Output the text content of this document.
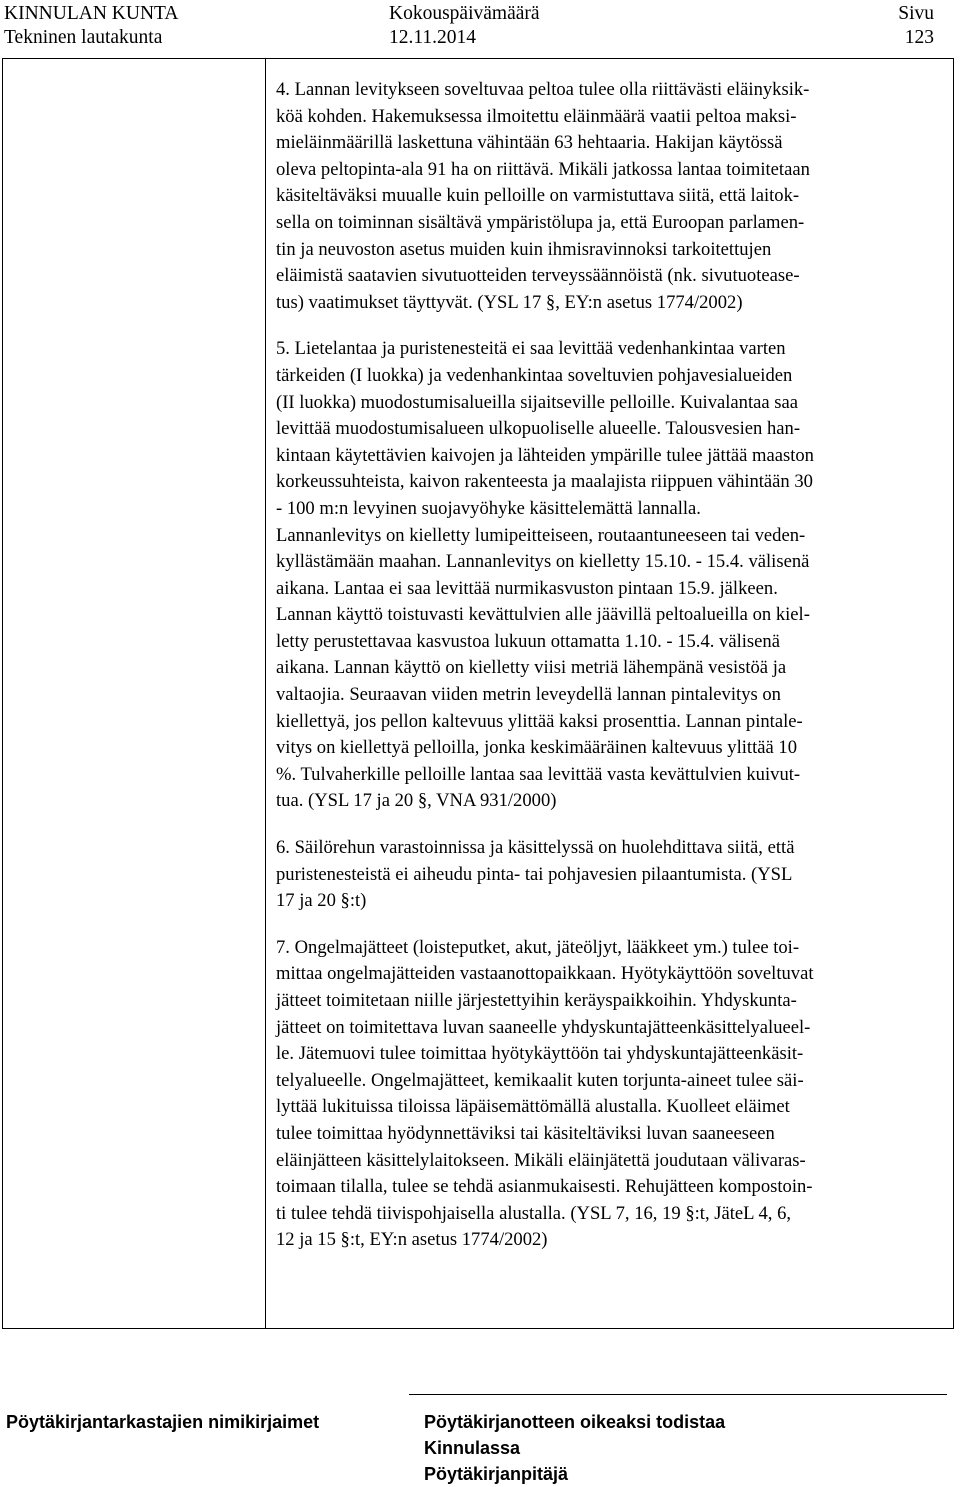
KINNULAN KUNTA
Tekninen lautakunta
Kokouspäivämäärä
12.11.2014
Sivu
123

4. Lannan levitykseen soveltuvaa peltoa tulee olla riittävästi eläinyksik-
köä kohden. Hakemuksessa ilmoitettu eläinmäärä vaatii peltoa maksi-
mieläinmäärillä laskettuna vähintään 63 hehtaaria. Hakijan käytössä
oleva peltopinta-ala 91 ha on riittävä. Mikäli jatkossa lantaa toimitetaan
käsiteltäväksi muualle kuin pelloille on varmistuttava siitä, että laitok-
sella on toiminnan sisältävä ympäristölupa ja, että Euroopan parlamen-
tin ja neuvoston asetus muiden kuin ihmisravinnoksi tarkoitettujen
eläimistä saatavien sivutuotteiden terveyssäännöistä (nk. sivutuotease-
tus) vaatimukset täyttyvät. (YSL 17 §, EY:n asetus 1774/2002)

5. Lietelantaa ja puristenesteitä ei saa levittää vedenhankintaa varten
tärkeiden (I luokka) ja vedenhankintaa soveltuvien pohjavesialueiden
(II luokka) muodostumisalueilla sijaitseville pelloille. Kuivalantaa saa
levittää muodostumisalueen ulkopuoliselle alueelle. Talousvesien han-
kintaan käytettävien kaivojen ja lähteiden ympärille tulee jättää maaston
korkeussuhteista, kaivon rakenteesta ja maalajista riippuen vähintään 30
- 100 m:n levyinen suojavyöhyke käsittelemättä lannalla.
Lannanlevitys on kielletty lumipeitteiseen, routaantuneeseen tai veden-
kyllästämään maahan. Lannanlevitys on kielletty 15.10. - 15.4. välisenä
aikana. Lantaa ei saa levittää nurmikasvuston pintaan 15.9. jälkeen.
Lannan käyttö toistuvasti kevättulvien alle jäävillä peltoalueilla on kiel-
letty perustettavaa kasvustoa lukuun ottamatta 1.10. - 15.4. välisenä
aikana. Lannan käyttö on kielletty viisi metriä lähempänä vesistöä ja
valtaojia. Seuraavan viiden metrin leveydellä lannan pintalevitys on
kiellettyä, jos pellon kaltevuus ylittää kaksi prosenttia. Lannan pintale-
vitys on kiellettyä pelloilla, jonka keskimääräinen kaltevuus ylittää 10
%. Tulvaherkille pelloille lantaa saa levittää vasta kevättulvien kuivut-
tua. (YSL 17 ja 20 §, VNA 931/2000)

6. Säilörehun varastoinnissa ja käsittelyssä on huolehdittava siitä, että
puristenesteistä ei aiheudu pinta- tai pohjavesien pilaantumista. (YSL
17 ja 20 §:t)

7. Ongelmajätteet (loisteputket, akut, jäteöljyt, lääkkeet ym.) tulee toi-
mittaa ongelmajätteiden vastaanottopaikkaan. Hyötykäyttöön soveltuvat
jätteet toimitetaan niille järjestettyihin keräyspaikkoihin. Yhdyskunta-
jätteet on toimitettava luvan saaneelle yhdyskuntajätteenkäsittelyalueel-
le. Jätemuovi tulee toimittaa hyötykäyttöön tai yhdyskuntajätteenkäsit-
telyalueelle. Ongelmajätteet, kemikaalit kuten torjunta-aineet tulee säi-
lyttää lukituissa tiloissa läpäisemättömällä alustalla. Kuolleet eläimet
tulee toimittaa hyödynnettäviksi tai käsiteltäviksi luvan saaneeseen
eläinjätteen käsittelylaitokseen. Mikäli eläinjätettä joudutaan välivaras-
toimaan tilalla, tulee se tehdä asianmukaisesti. Rehujätteen kompostoin-
ti tulee tehdä tiivispohjaisella alustalla. (YSL 7, 16, 19 §:t, JäteL 4, 6,
12 ja 15 §:t, EY:n asetus 1774/2002)

Pöytäkirjantarkastajien nimikirjaimet	Pöytäkirjanotteen oikeaksi todistaa
Kinnulassa
Pöytäkirjanpitäjä
